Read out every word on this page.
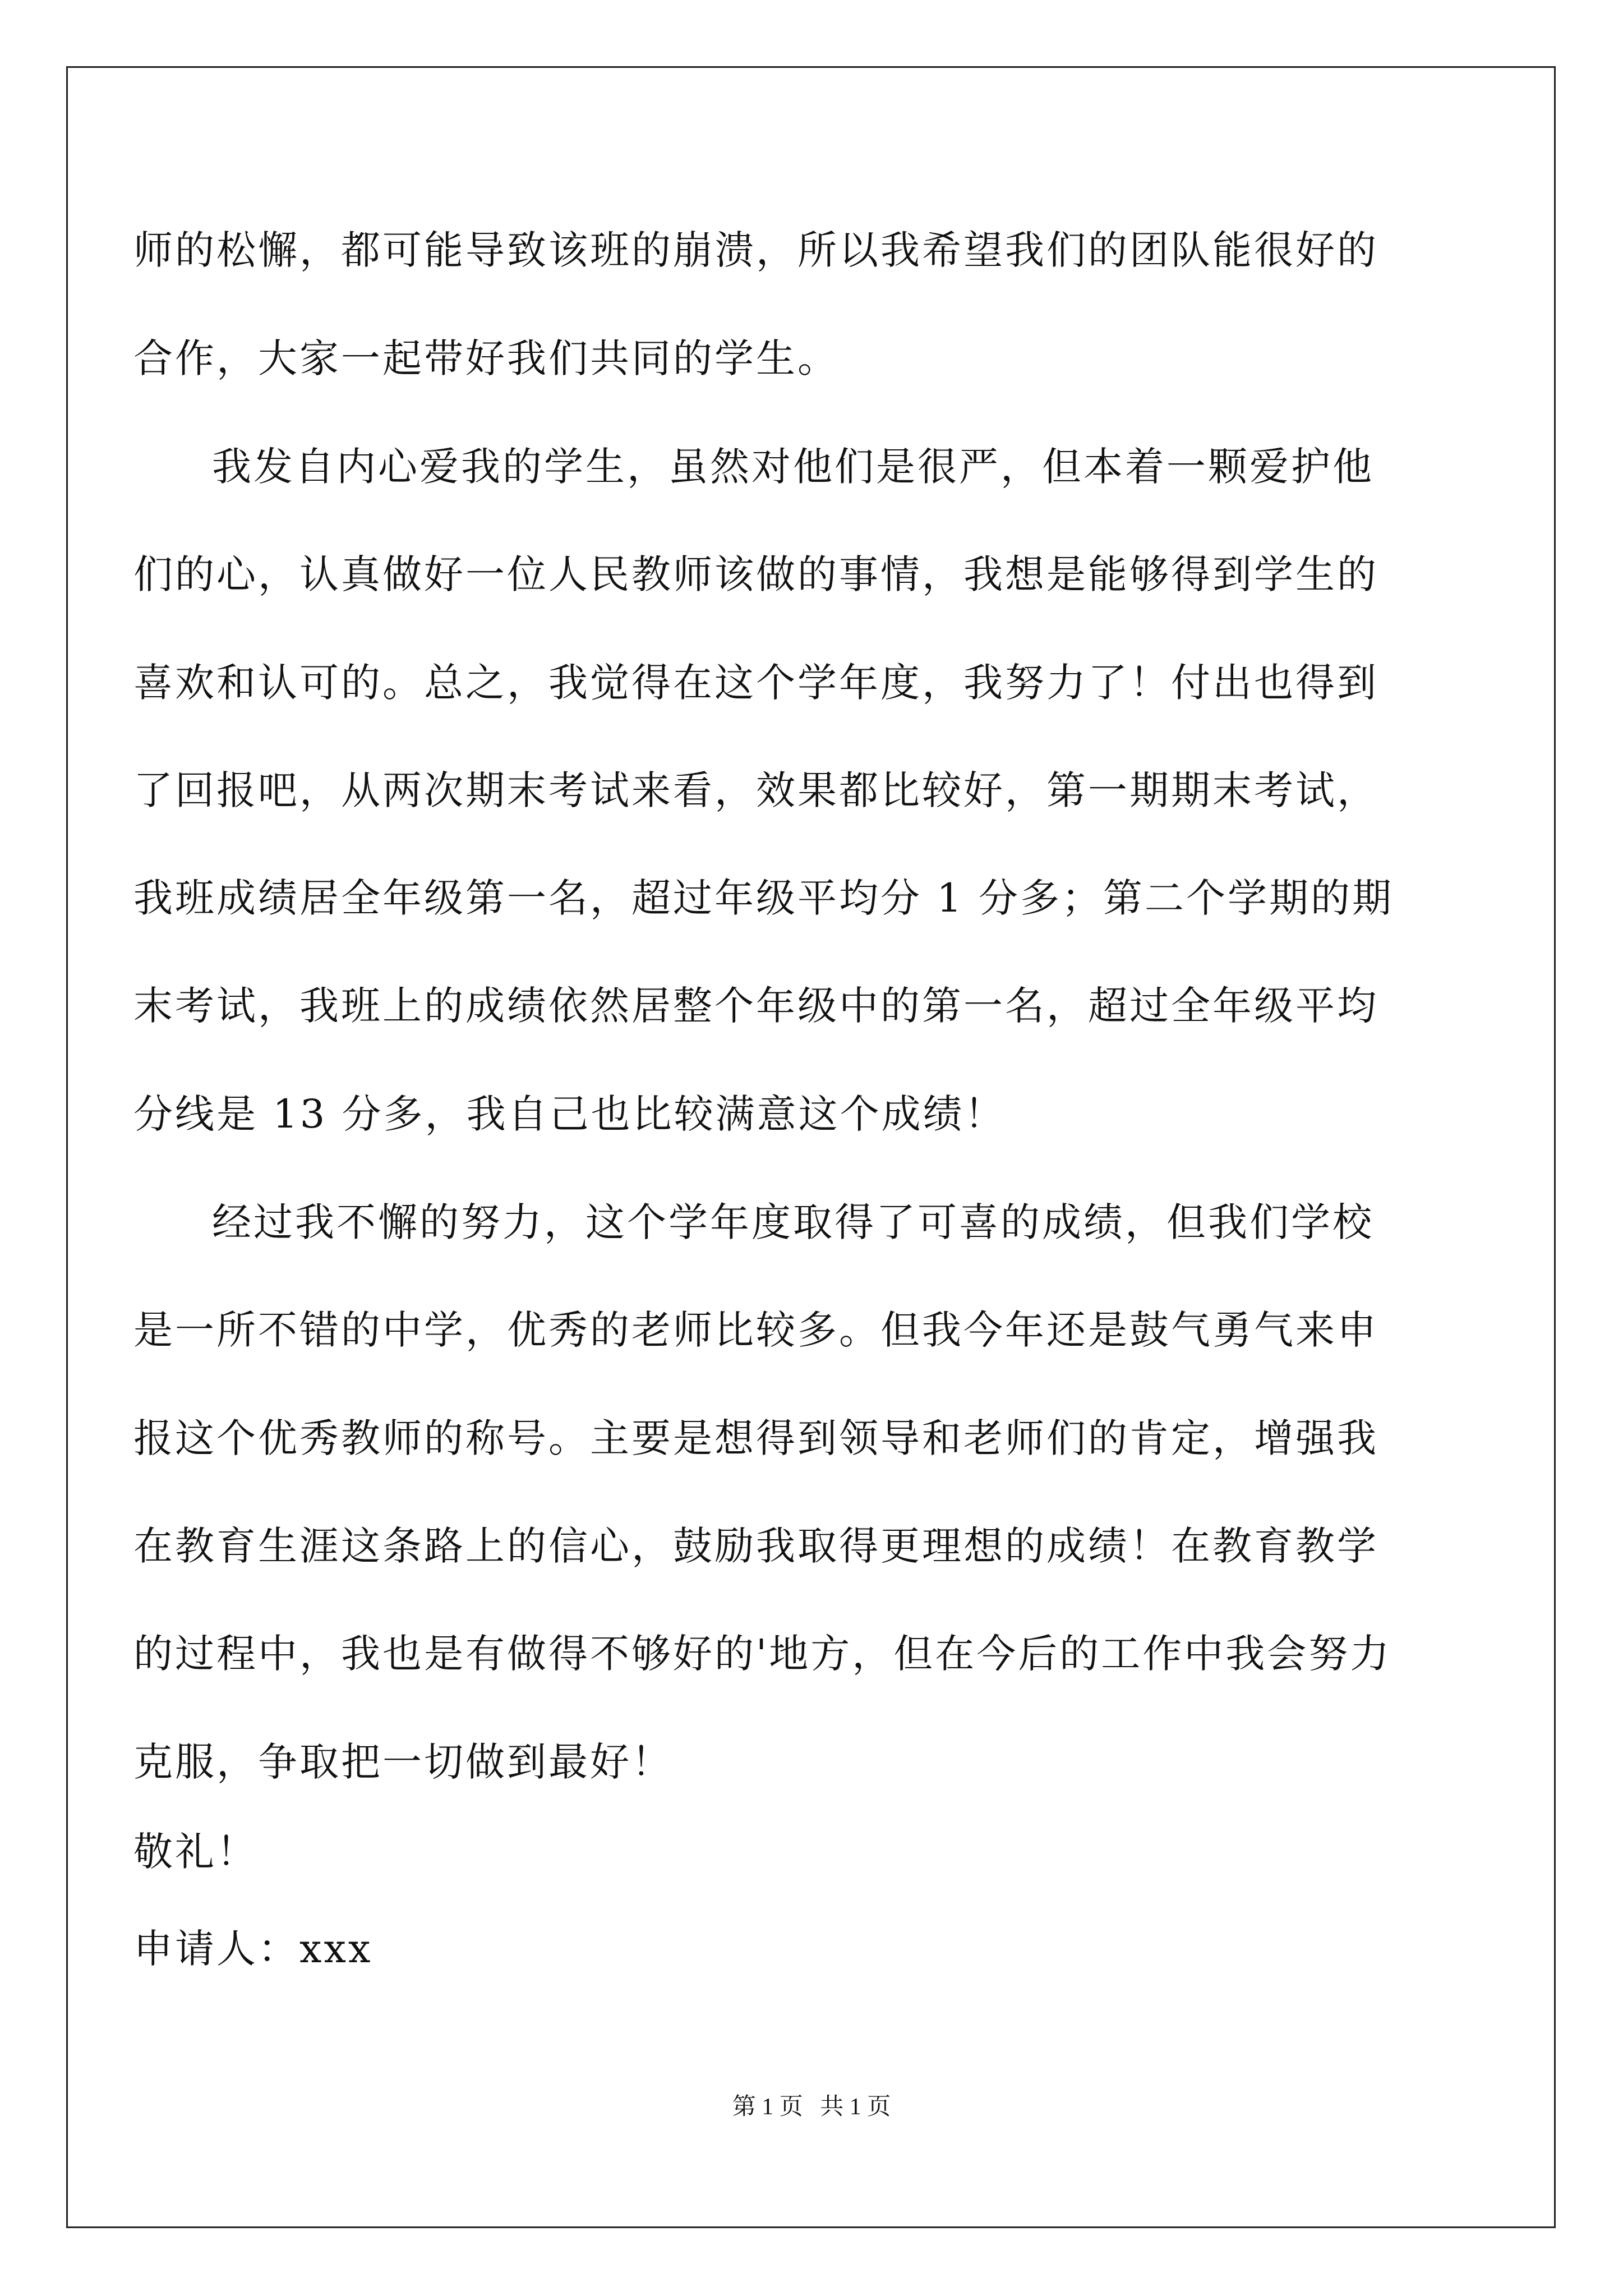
师的松懈，都可能导致该班的崩溃，所以我希望我们的团队能很好的
合作，大家一起带好我们共同的学生。
我发自内心爱我的学生，虽然对他们是很严，但本着一颗爱护他
们的心，认真做好一位人民教师该做的事情，我想是能够得到学生的
喜欢和认可的。总之，我觉得在这个学年度，我努力了！付出也得到
了回报吧，从两次期末考试来看，效果都比较好，第一期期末考试，
我班成绩居全年级第一名，超过年级平均分 1 分多；第二个学期的期
末考试，我班上的成绩依然居整个年级中的第一名，超过全年级平均
分线是 13 分多，我自己也比较满意这个成绩！
经过我不懈的努力，这个学年度取得了可喜的成绩，但我们学校
是一所不错的中学，优秀的老师比较多。但我今年还是鼓气勇气来申
报这个优秀教师的称号。主要是想得到领导和老师们的肯定，增强我
在教育生涯这条路上的信心，鼓励我取得更理想的成绩！在教育教学
的过程中，我也是有做得不够好的'地方，但在今后的工作中我会努力
克服，争取把一切做到最好！
敬礼！
申请人：xxx
第 1 页 共 1 页
